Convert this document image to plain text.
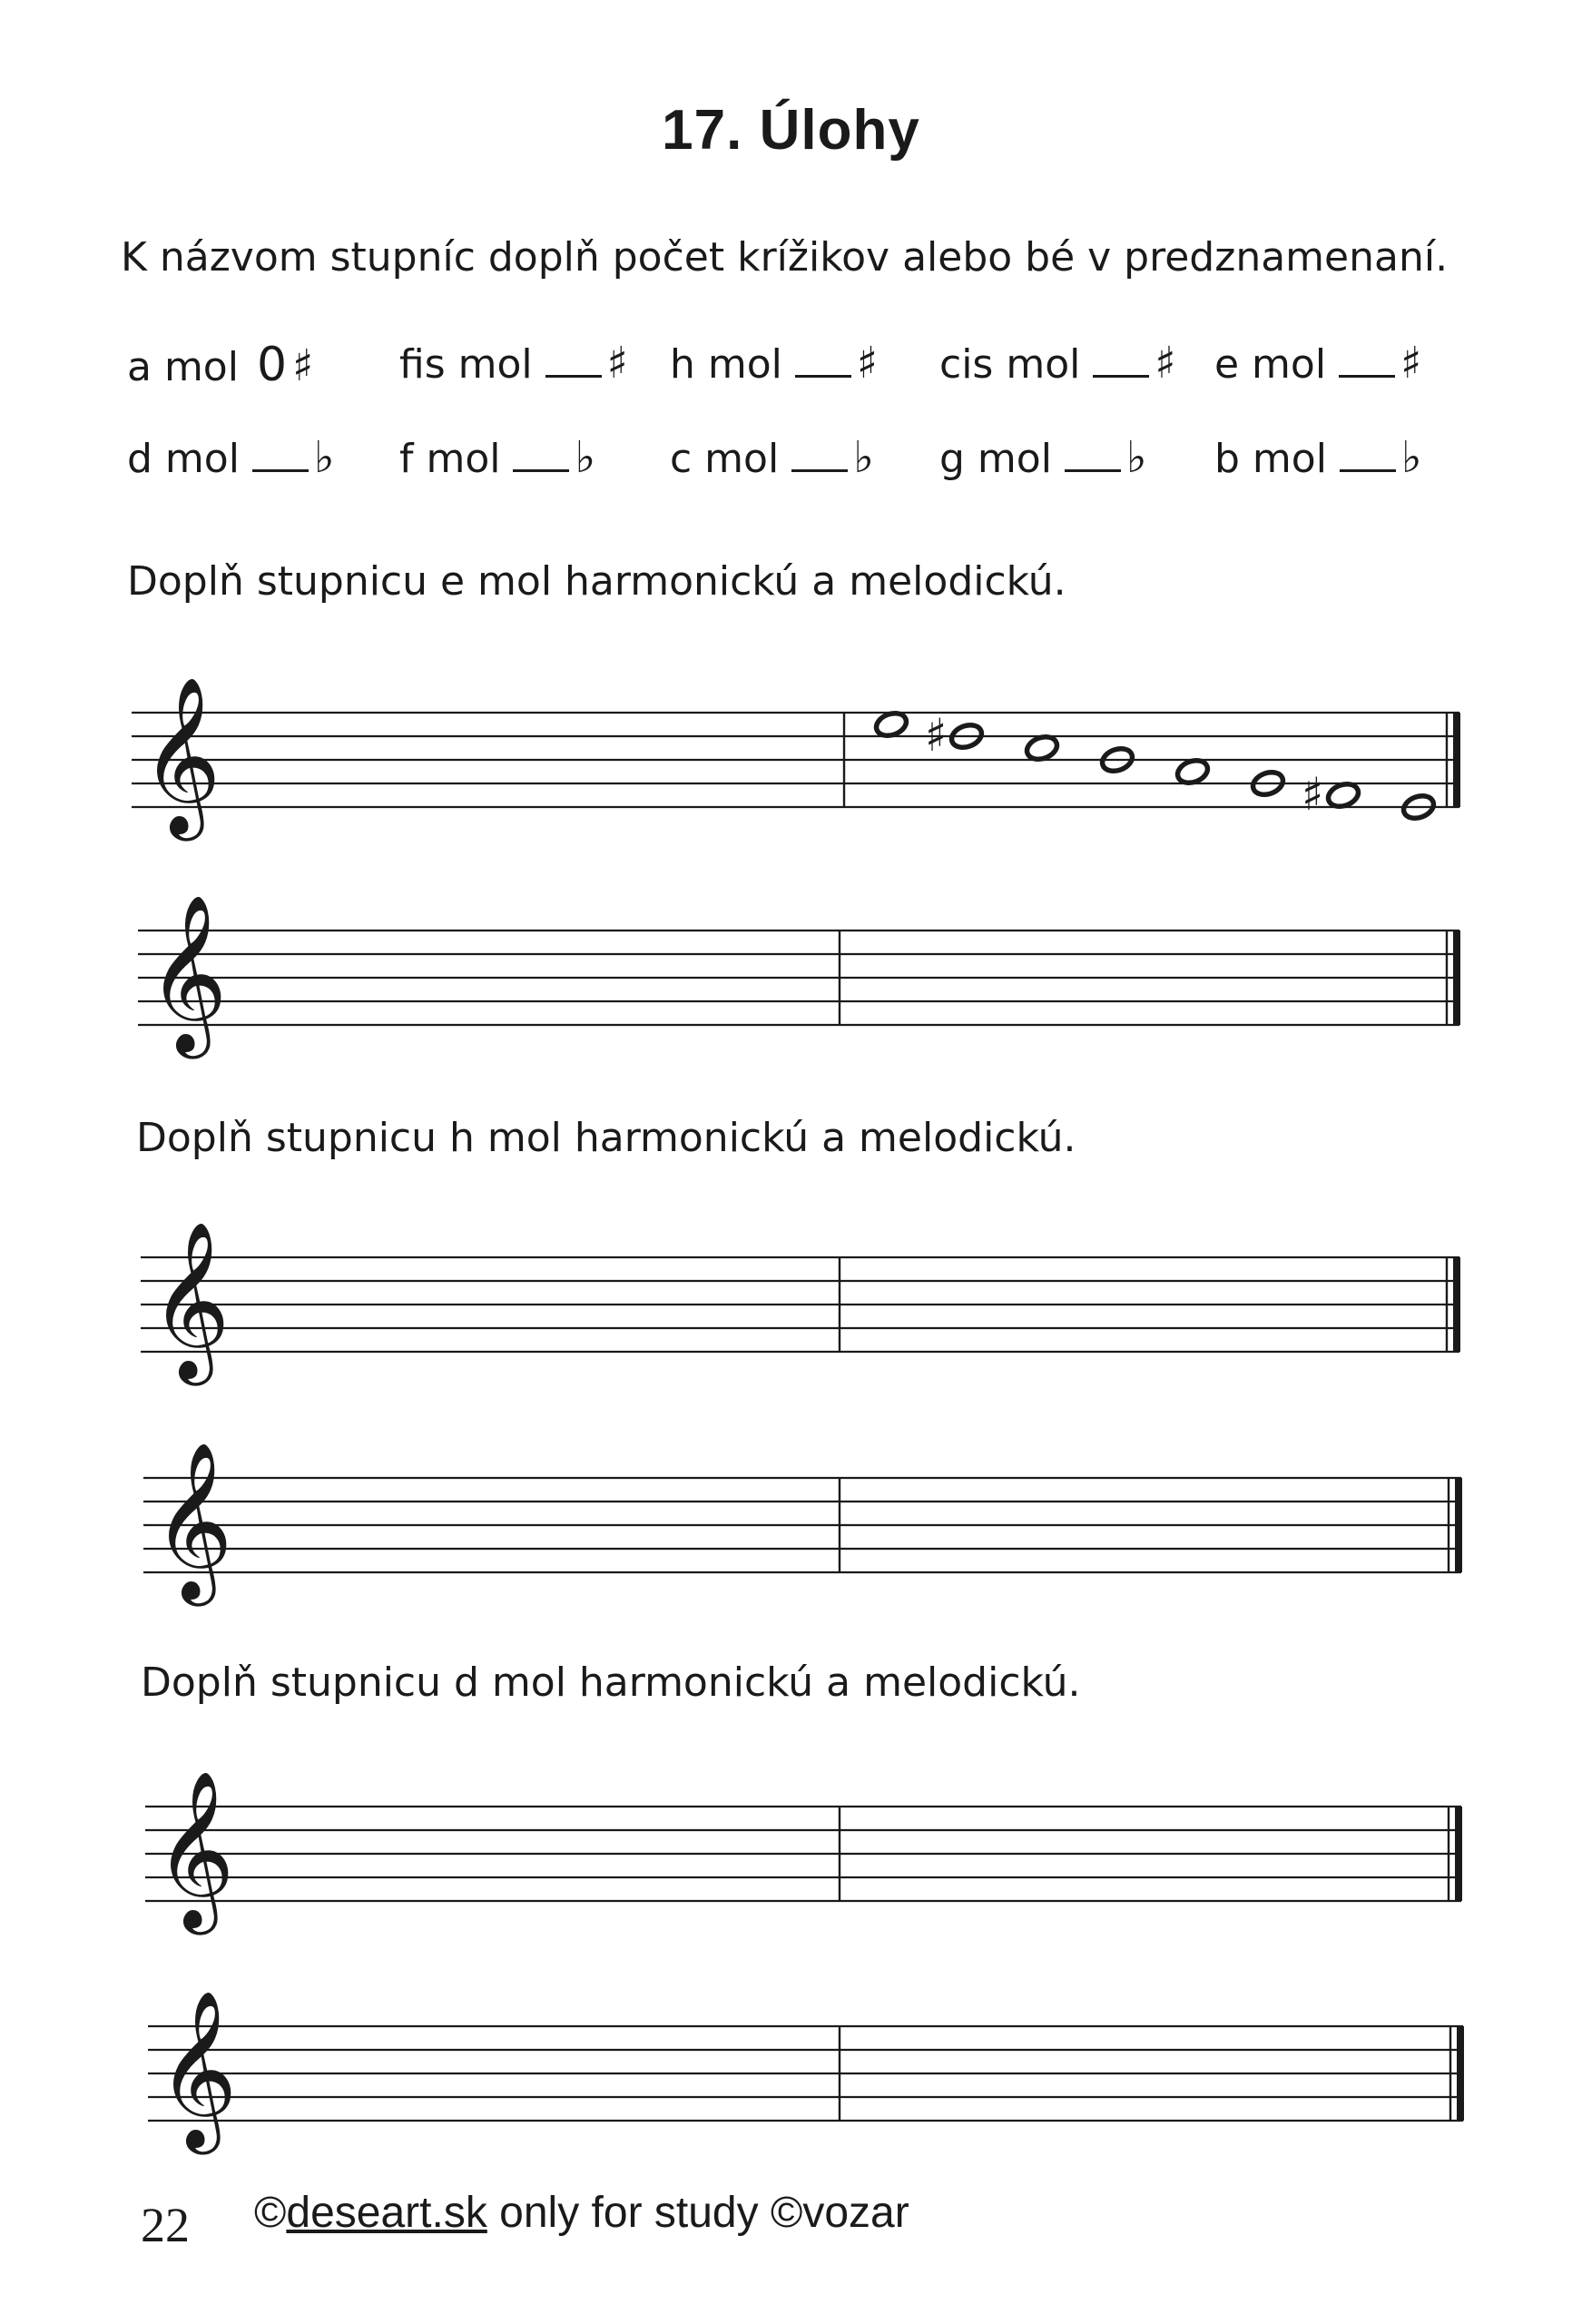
17. Úlohy
K názvom stupníc doplň počet krížikov alebo bé v predznamenaní.
a mol 0 ♯ fis mol ♯ h mol ♯ cis mol ♯ e mol ♯
d mol ♭ f mol ♭ c mol ♭ g mol ♭ b mol ♭
Doplň stupnicu e mol harmonickú a melodickú.
Doplň stupnicu h mol harmonickú a melodickú.
Doplň stupnicu d mol harmonickú a melodickú.
𝄞
𝄞
𝄞
𝄞
𝄞
𝄞
♯
♯
22 ©deseart.sk only for study ©vozar
